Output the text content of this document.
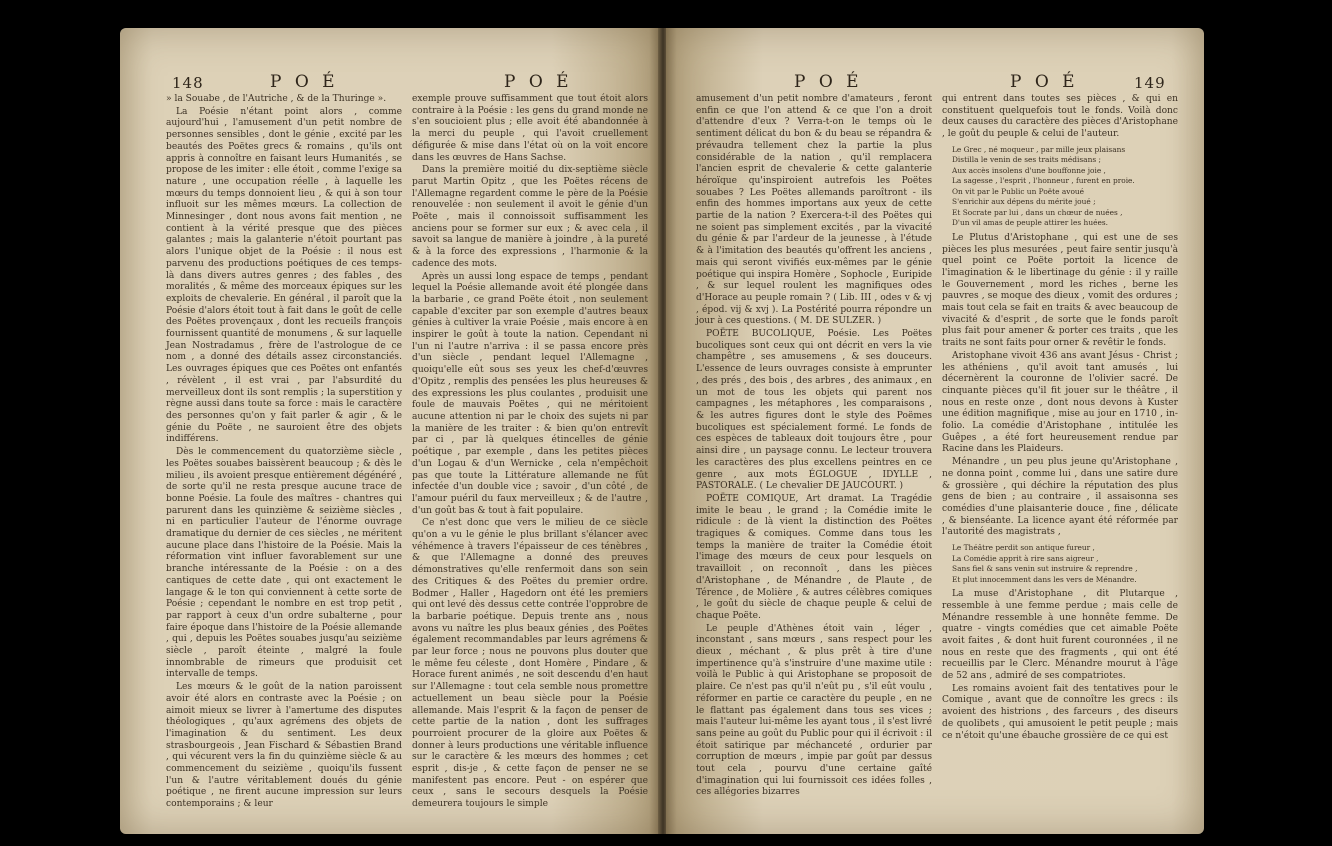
148	P O É	P O É

» la Souabe , de l'Autriche , & de la Thuringe ».

La Poésie n'étant point alors , comme aujourd'hui , l'amusement d'un petit nombre de personnes sensibles , dont le génie , excité par les beautés des Poëtes grecs & romains , qu'ils ont appris à connoître en faisant leurs Humanités , se propose de les imiter : elle étoit , comme l'exige sa nature , une occupation réelle , à laquelle les mœurs du temps donnoient lieu , & qui à son tour influoit sur les mêmes mœurs. La collection de Minnesinger , dont nous avons fait mention , ne contient à la vérité presque que des pièces galantes ; mais la galanterie n'étoit pourtant pas alors l'unique objet de la Poésie : il nous est parvenu des productions poétiques de ces temps-là dans divers autres genres ; des fables , des moralités , & même des morceaux épiques sur les exploits de chevalerie. En général , il paroît que la Poésie d'alors étoit tout à fait dans le goût de celle des Poëtes provençaux , dont les recueils françois fournissent quantité de monumens , & sur laquelle Jean Nostradamus , frère de l'astrologue de ce nom , a donné des détails assez circonstanciés. Les ouvrages épiques que ces Poëtes ont enfantés , révèlent , il est vrai , par l'absurdité du merveilleux dont ils sont remplis ; la superstition y règne aussi dans toute sa force : mais le caractère des personnes qu'on y fait parler & agir , & le génie du Poëte , ne sauroient être des objets indifférens.

Dès le commencement du quatorzième siècle , les Poëtes souabes baissèrent beaucoup ; & dès le milieu , ils avoient presque entièrement dégénéré , de sorte qu'il ne resta presque aucune trace de bonne Poésie. La foule des maîtres - chantres qui parurent dans les quinzième & seizième siècles , ni en particulier l'auteur de l'énorme ouvrage dramatique du dernier de ces siècles , ne méritent aucune place dans l'histoire de la Poésie. Mais la réformation vint influer favorablement sur une branche intéressante de la Poésie : on a des cantiques de cette date , qui ont exactement le langage & le ton qui conviennent à cette sorte de Poésie ; cependant le nombre en est trop petit , par rapport à ceux d'un ordre subalterne , pour faire époque dans l'histoire de la Poésie allemande , qui , depuis les Poëtes souabes jusqu'au seizième siècle , paroît éteinte , malgré la foule innombrable de rimeurs que produisit cet intervalle de temps.

Les mœurs & le goût de la nation paroissent avoir été alors en contraste avec la Poésie ; on aimoit mieux se livrer à l'amertume des disputes théologiques , qu'aux agrémens des objets de l'imagination & du sentiment. Les deux strasbourgeois , Jean Fischard & Sébastien Brand , qui vécurent vers la fin du quinzième siècle & au commencement du seizième , quoiqu'ils fussent l'un & l'autre véritablement doués du génie poétique , ne firent aucune impression sur leurs contemporains ; & leur

exemple prouve suffisamment que tout étoit alors contraire à la Poésie : les gens du grand monde ne s'en soucioient plus ; elle avoit été abandonnée à la merci du peuple , qui l'avoit cruellement défigurée & mise dans l'état où on la voit encore dans les œuvres de Hans Sachse.

Dans la première moitié du dix-septième siècle parut Martin Opitz , que les Poëtes récens de l'Allemagne regardent comme le père de la Poésie renouvelée : non seulement il avoit le génie d'un Poëte , mais il connoissoit suffisamment les anciens pour se former sur eux ; & avec cela , il savoit sa langue de manière à joindre , à la pureté & à la force des expressions , l'harmonie & la cadence des mots.

Après un aussi long espace de temps , pendant lequel la Poésie allemande avoit été plongée dans la barbarie , ce grand Poëte étoit , non seulement capable d'exciter par son exemple d'autres beaux génies à cultiver la vraie Poésie , mais encore à en inspirer le goût à toute la nation. Cependant ni l'un ni l'autre n'arriva : il se passa encore près d'un siècle , pendant lequel l'Allemagne , quoiqu'elle eût sous ses yeux les chef-d'œuvres d'Opitz , remplis des pensées les plus heureuses & des expressions les plus coulantes , produisit une foule de mauvais Poëtes , qui ne méritoient aucune attention ni par le choix des sujets ni par la manière de les traiter : & bien qu'on entrevît par ci , par là quelques étincelles de génie poétique , par exemple , dans les petites pièces d'un Logau & d'un Wernicke , cela n'empêchoit pas que toute la Littérature allemande ne fût infectée d'un double vice ; savoir , d'un côté , de l'amour puéril du faux merveilleux ; & de l'autre , d'un goût bas & tout à fait populaire.

Ce n'est donc que vers le milieu de ce siècle qu'on a vu le génie le plus brillant s'élancer avec véhémence à travers l'épaisseur de ces ténèbres , & que l'Allemagne a donné des preuves démonstratives qu'elle renfermoit dans son sein des Critiques & des Poëtes du premier ordre. Bodmer , Haller , Hagedorn ont été les premiers qui ont levé dès dessus cette contrée l'opprobre de la barbarie poétique. Depuis trente ans , nous avons vu naître les plus beaux génies , des Poëtes également recommandables par leurs agrémens & par leur force ; nous ne pouvons plus douter que le même feu céleste , dont Homère , Pindare , & Horace furent animés , ne soit descendu d'en haut sur l'Allemagne : tout cela semble nous promettre actuellement un beau siècle pour la Poésie allemande. Mais l'esprit & la façon de penser de cette partie de la nation , dont les suffrages pourroient procurer de la gloire aux Poëtes & donner à leurs productions une véritable influence sur le caractère & les mœurs des hommes ; cet esprit , dis-je , & cette façon de penser ne se manifestent pas encore. Peut - on espérer que ceux , sans le secours desquels la Poésie demeurera toujours le simple

P O É	P O É	149

amusement d'un petit nombre d'amateurs , feront enfin ce que l'on attend & ce que l'on a droit d'attendre d'eux ? Verra-t-on le temps où le sentiment délicat du bon & du beau se répandra & prévaudra tellement chez la partie la plus considérable de la nation , qu'il remplacera l'ancien esprit de chevalerie & cette galanterie héroïque qu'inspiroient autrefois les Poëtes souabes ? Les Poëtes allemands paroîtront - ils enfin des hommes importans aux yeux de cette partie de la nation ? Exercera-t-il des Poëtes qui ne soient pas simplement excités , par la vivacité du génie & par l'ardeur de la jeunesse , à l'étude & à l'imitation des beautés qu'offrent les anciens , mais qui seront vivifiés eux-mêmes par le génie poétique qui inspira Homère , Sophocle , Euripide , & sur lequel roulent les magnifiques odes d'Horace au peuple romain ? ( Lib. III , odes v & vj , épod. vij & xvj ). La Postérité pourra répondre un jour à ces questions. ( M. DE SULZER. )

POËTE BUCOLIQUE, Poésie. Les Poëtes bucoliques sont ceux qui ont décrit en vers la vie champêtre , ses amusemens , & ses douceurs. L'essence de leurs ouvrages consiste à emprunter , des prés , des bois , des arbres , des animaux , en un mot de tous les objets qui parent nos campagnes , les métaphores , les comparaisons , & les autres figures dont le style des Poëmes bucoliques est spécialement formé. Le fonds de ces espèces de tableaux doit toujours être , pour ainsi dire , un paysage connu. Le lecteur trouvera les caractères des plus excellens peintres en ce genre , aux mots ÉGLOGUE , IDYLLE , PASTORALE. ( Le chevalier DE JAUCOURT. )

POËTE COMIQUE, Art dramat. La Tragédie imite le beau , le grand ; la Comédie imite le ridicule : de là vient la distinction des Poëtes tragiques & comiques. Comme dans tous les temps la manière de traiter la Comédie étoit l'image des mœurs de ceux pour lesquels on travailloit , on reconnoît , dans les pièces d'Aristophane , de Ménandre , de Plaute , de Térence , de Molière , & autres célèbres comiques , le goût du siècle de chaque peuple & celui de chaque Poëte.

Le peuple d'Athènes étoit vain , léger , inconstant , sans mœurs , sans respect pour les dieux , méchant , & plus prêt à tire d'une impertinence qu'à s'instruire d'une maxime utile : voilà le Public à qui Aristophane se proposoit de plaire. Ce n'est pas qu'il n'eût pu , s'il eût voulu , réformer en partie ce caractère du peuple , en ne le flattant pas également dans tous ses vices ; mais l'auteur lui-même les ayant tous , il s'est livré sans peine au goût du Public pour qui il écrivoit : il étoit satirique par méchanceté , ordurier par corruption de mœurs , impie par goût par dessus tout cela , pourvu d'une certaine gaîté d'imagination qui lui fournissoit ces idées folles , ces allégories bizarres

qui entrent dans toutes ses pièces , & qui en constituent quelquefois tout le fonds. Voilà donc deux causes du caractère des pièces d'Aristophane , le goût du peuple & celui de l'auteur.

Le Grec , né moqueur , par mille jeux plaisans
Distilla le venin de ses traits médisans ;
Aux accès insolens d'une bouffonne joie ,
La sagesse , l'esprit , l'honneur , furent en proie.
On vit par le Public un Poëte avoué
S'enrichir aux dépens du mérite joué ;
Et Socrate par lui , dans un chœur de nuées ,
D'un vil amas de peuple attirer les huées.

Le Plutus d'Aristophane , qui est une de ses pièces les plus mesurées , peut faire sentir jusqu'à quel point ce Poëte portoit la licence de l'imagination & le libertinage du génie : il y raille le Gouvernement , mord les riches , berne les pauvres , se moque des dieux , vomit des ordures ; mais tout cela se fait en traits & avec beaucoup de vivacité & d'esprit , de sorte que le fonds paroît plus fait pour amener & porter ces traits , que les traits ne sont faits pour orner & revêtir le fonds.

Aristophane vivoit 436 ans avant Jésus - Christ ; les athéniens , qu'il avoit tant amusés , lui décernèrent la couronne de l'olivier sacré. De cinquante pièces qu'il fit jouer sur le théâtre , il nous en reste onze , dont nous devons à Kuster une édition magnifique , mise au jour en 1710 , in-folio. La comédie d'Aristophane , intitulée les Guêpes , a été fort heureusement rendue par Racine dans les Plaideurs.

Ménandre , un peu plus jeune qu'Aristophane , ne donna point , comme lui , dans une satire dure & grossière , qui déchire la réputation des plus gens de bien ; au contraire , il assaisonna ses comédies d'une plaisanterie douce , fine , délicate , & bienséante. La licence ayant été réformée par l'autorité des magistrats ,

Le Théâtre perdit son antique fureur ,
La Comédie apprit à rire sans aigreur ,
Sans fiel & sans venin sut instruire & reprendre ,
Et plut innocemment dans les vers de Ménandre.

La muse d'Aristophane , dit Plutarque , ressemble à une femme perdue ; mais celle de Ménandre ressemble à une honnête femme. De quatre - vingts comédies que cet aimable Poëte avoit faites , & dont huit furent couronnées , il ne nous en reste que des fragments , qui ont été recueillis par le Clerc. Ménandre mourut à l'âge de 52 ans , admiré de ses compatriotes.

Les romains avoient fait des tentatives pour le Comique , avant que de connoître les grecs : ils avoient des histrions , des farceurs , des diseurs de quolibets , qui amusoient le petit peuple ; mais ce n'étoit qu'une ébauche grossière de ce qui est
